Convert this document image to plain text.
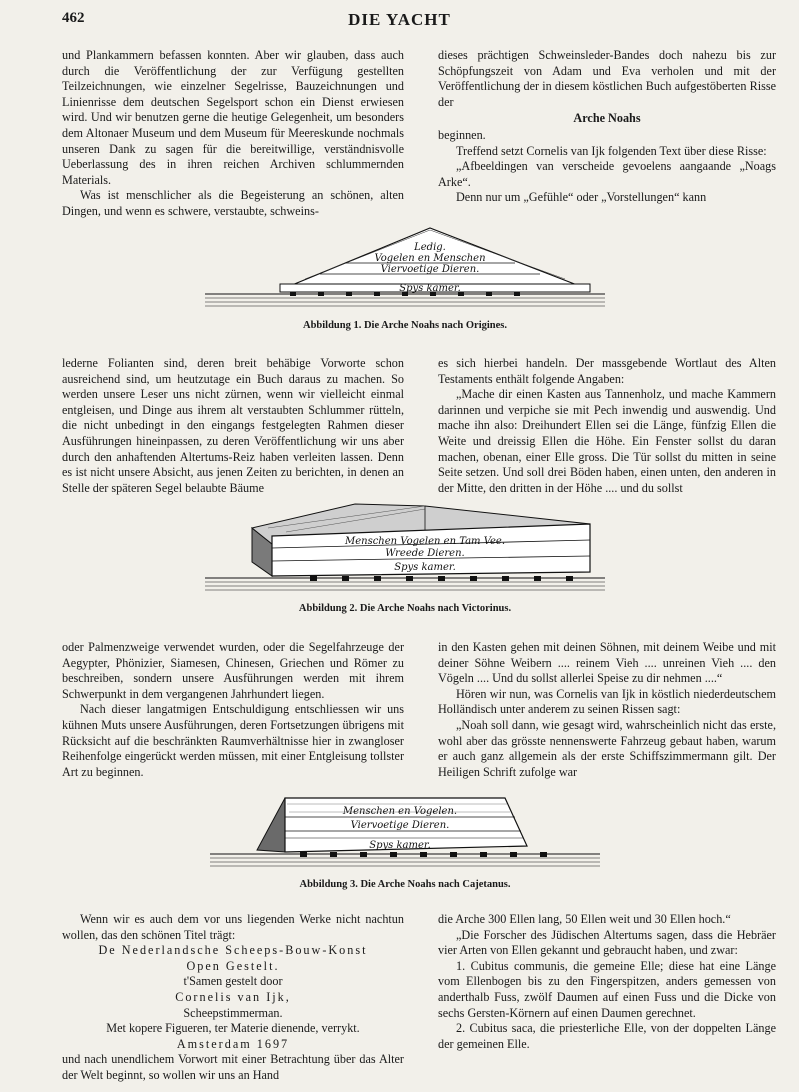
462	DIE YACHT

und Plankammern befassen konnten. Aber wir glauben, dass auch durch die Veröffentlichung der zur Verfügung gestellten Teilzeichnungen, wie einzelner Segelrisse, Bauzeichnungen und Linienrisse dem deutschen Segelsport schon ein Dienst erwiesen wird. Und wir benutzen gerne die heutige Gelegenheit, um besonders dem Altonaer Museum und dem Museum für Meereskunde nochmals unseren Dank zu sagen für die bereitwillige, verständnisvolle Ueberlassung des in ihren reichen Archiven schlummernden Materials.

Was ist menschlicher als die Begeisterung an schönen, alten Dingen, und wenn es schwere, verstaubte, schweins-

dieses prächtigen Schweinsleder-Bandes doch nahezu bis zur Schöpfungszeit von Adam und Eva verholen und mit der Veröffentlichung der in diesem köstlichen Buch aufgestöberten Risse der

Arche Noahs

beginnen.

Treffend setzt Cornelis van Ijk folgenden Text über diese Risse:

„Afbeeldingen van verscheide gevoelens aangaande „Noags Arke“.

Denn nur um „Gefühle“ oder „Vorstellungen“ kann

Ledig.
Vogelen en Menschen
Viervoetige Dieren.
Spys kamer.
Abbildung 1. Die Arche Noahs nach Origines.

lederne Folianten sind, deren breit behäbige Vorworte schon ausreichend sind, um heutzutage ein Buch daraus zu machen. So werden unsere Leser uns nicht zürnen, wenn wir vielleicht einmal entgleisen, und Dinge aus ihrem alt verstaubten Schlummer rütteln, die nicht unbedingt in den eingangs festgelegten Rahmen dieser Ausführungen hineinpassen, zu deren Veröffentlichung wir uns aber durch den anhaftenden Altertums-Reiz haben verleiten lassen. Denn es ist nicht unsere Absicht, aus jenen Zeiten zu berichten, in denen an Stelle der späteren Segel belaubte Bäume

es sich hierbei handeln. Der massgebende Wortlaut des Alten Testaments enthält folgende Angaben:

„Mache dir einen Kasten aus Tannenholz, und mache Kammern darinnen und verpiche sie mit Pech inwendig und auswendig. Und mache ihn also: Dreihundert Ellen sei die Länge, fünfzig Ellen die Weite und dreissig Ellen die Höhe. Ein Fenster sollst du daran machen, obenan, einer Elle gross. Die Tür sollst du mitten in seine Seite setzen. Und soll drei Böden haben, einen unten, den anderen in der Mitte, den dritten in der Höhe .... und du sollst

Menschen Vogelen en Tam Vee.
Wreede Dieren.
Spys kamer.
Abbildung 2. Die Arche Noahs nach Victorinus.

oder Palmenzweige verwendet wurden, oder die Segelfahrzeuge der Aegypter, Phönizier, Siamesen, Chinesen, Griechen und Römer zu beschreiben, sondern unsere Ausführungen werden mit ihrem Schwerpunkt in dem vergangenen Jahrhundert liegen.

Nach dieser langatmigen Entschuldigung entschliessen wir uns kühnen Muts unsere Ausführungen, deren Fortsetzungen übrigens mit Rücksicht auf die beschränkten Raumverhältnisse hier in zwangloser Reihenfolge eingerückt werden müssen, mit einer Entgleisung tollster Art zu beginnen.

in den Kasten gehen mit deinen Söhnen, mit deinem Weibe und mit deiner Söhne Weibern .... reinem Vieh .... unreinen Vieh .... den Vögeln .... Und du sollst allerlei Speise zu dir nehmen ....“

Hören wir nun, was Cornelis van Ijk in köstlich niederdeutschem Holländisch unter anderem zu seinen Rissen sagt:

„Noah soll dann, wie gesagt wird, wahrscheinlich nicht das erste, wohl aber das grösste nennenswerte Fahrzeug gebaut haben, warum er auch ganz allgemein als der erste Schiffszimmermann gilt. Der Heiligen Schrift zufolge war

Menschen en Vogelen.
Viervoetige Dieren.
Spys kamer.
Abbildung 3. Die Arche Noahs nach Cajetanus.

Wenn wir es auch dem vor uns liegenden Werke nicht nachtun wollen, das den schönen Titel trägt:

De Nederlandsche Scheeps-Bouw-Konst

Open Gestelt.

t'Samen gestelt door

Cornelis van Ijk,

Scheepstimmerman.

Met kopere Figueren, ter Materie dienende, verrykt.

Amsterdam 1697

und nach unendlichem Vorwort mit einer Betrachtung über das Alter der Welt beginnt, so wollen wir uns an Hand

die Arche 300 Ellen lang, 50 Ellen weit und 30 Ellen hoch.“

„Die Forscher des Jüdischen Altertums sagen, dass die Hebräer vier Arten von Ellen gekannt und gebraucht haben, und zwar:

1. Cubitus communis, die gemeine Elle; diese hat eine Länge vom Ellenbogen bis zu den Fingerspitzen, anders gemessen von anderthalb Fuss, zwölf Daumen auf einen Fuss und die Dicke von sechs Gersten-Körnern auf einen Daumen gerechnet.

2. Cubitus saca, die priesterliche Elle, von der doppelten Länge der gemeinen Elle.
